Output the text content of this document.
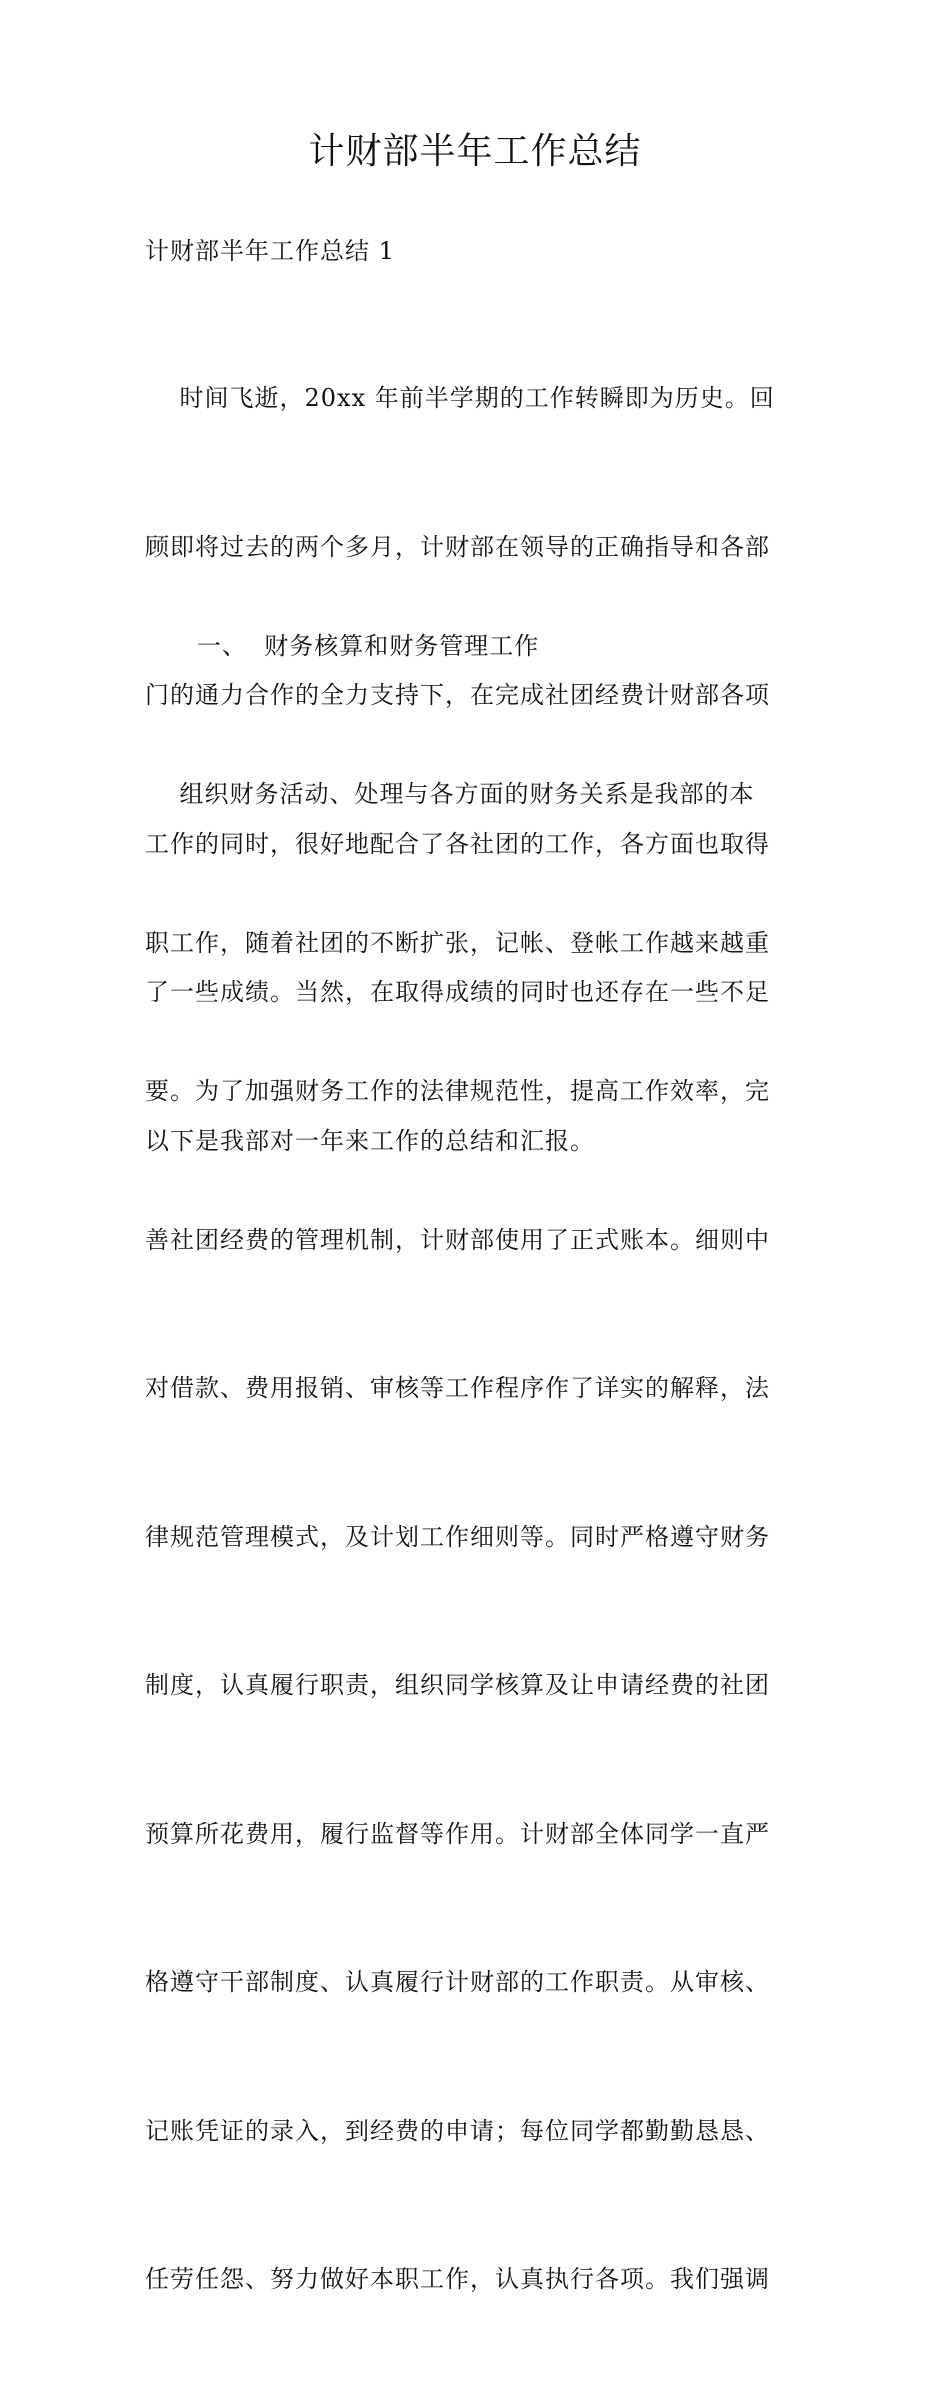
计财部半年工作总结

计财部半年工作总结 1

时间飞逝，20xx 年前半学期的工作转瞬即为历史。回

顾即将过去的两个多月，计财部在领导的正确指导和各部

门的通力合作的全力支持下，在完成社团经费计财部各项

工作的同时，很好地配合了各社团的工作，各方面也取得

了一些成绩。当然，在取得成绩的同时也还存在一些不足

以下是我部对一年来工作的总结和汇报。

一、  财务核算和财务管理工作

组织财务活动、处理与各方面的财务关系是我部的本

职工作，随着社团的不断扩张，记帐、登帐工作越来越重

要。为了加强财务工作的法律规范性，提高工作效率，完

善社团经费的管理机制，计财部使用了正式账本。细则中

对借款、费用报销、审核等工作程序作了详实的解释，法

律规范管理模式，及计划工作细则等。同时严格遵守财务

制度，认真履行职责，组织同学核算及让申请经费的社团

预算所花费用，履行监督等作用。计财部全体同学一直严

格遵守干部制度、认真履行计财部的工作职责。从审核、

记账凭证的录入，到经费的申请；每位同学都勤勤恳恳、

任劳任怨、努力做好本职工作，认真执行各项。我们强调
